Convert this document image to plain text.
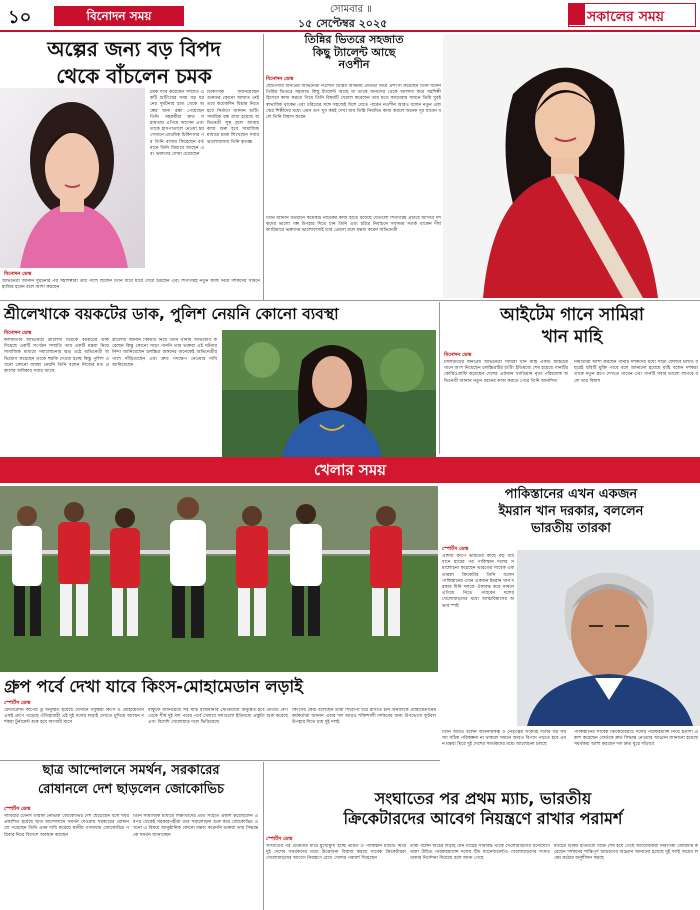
১০	বিনোদন সময়	সোমবার ॥
১৫ সেপ্টেম্বর ২০২৫	সকালের সময়
অল্পের জন্য বড় বিপদ
থেকে বাঁচলেন চমক
বিনোদন ডেস্ক
চমক দাবি করেছেন সম্প্রতি একটি শুটিংয়ের সময় বড় ধরনের দুর্ঘটনার হাত থেকে অল্পের জন্য রক্ষা পেয়েছেন তিনি সহকর্মীরা দ্রুত সহায়তায় এগিয়ে আসেন এবং তাকে হাসপাতালে নেওয়া হয় সেখানে প্রাথমিক চিকিৎসার পর তিনি বাসায় ফিরেছেন বর্তমানে তিনি বিশ্রামে আছেন এবং ভক্তদের দোয়া চেয়েছেন
চিকিৎসক জানিয়েছেন গুরুতর কোনো আঘাত নেই তবে কয়েকদিন বিশ্রাম নিতে হবে নির্মাতা জানান শুটিং সাময়িক বন্ধ রাখা হয়েছে অভিনেত্রী সুস্থ হলে আবার কাজ শুরু হবে সামাজিক মাধ্যমে চমক লিখেছেন সবার ভালোবাসায় তিনি কৃতজ্ঞ
অভিনেত্রী জানান দুর্ঘটনার পর সহশিল্পীরা তার পাশে ছিলেন তিনি ধীরে ধীরে সেরে উঠছেন এবং শিগগিরই নতুন কাজ নিয়ে দর্শকদের সামনে হাজির হবেন বলে আশা করছেন
তিন্নির ভিতরে সহজাত
কিছু ট্যালেন্ট আছে
নওশীন
বিনোদন ডেস্ক
ছোটপর্দার জনপ্রিয় অভিনেত্রী নওশীন তিন্নির অভিনয় প্রতিভা নিয়ে প্রশংসা করেছেন তিনি বলেন তিন্নির ভিতরে সহজাত কিছু ট্যালেন্ট আছে যা তাকে অন্যদের থেকে আলাদা করে সহশিল্পী হিসেবে কাজ করতে গিয়ে তিনি বিষয়টি খেয়াল করেছেন তার মতে ক্যামেরার সামনে তিন্নি খুবই স্বাভাবিক থাকেন এবং চরিত্রের সঙ্গে সহজেই মিশে যেতে পারেন নওশীন আরও বলেন নতুন প্রজন্মের শিল্পীদের মধ্যে এমন গুণ খুব কমই দেখা যায় তিন্নি নিয়মিত কাজ করলে অনেক দূর যাবেন বলে তিনি বিশ্বাস করেন
তিনি জানান বর্তমানে কয়েকটি নাটকের কাজ হাতে রয়েছে যেগুলো শিগগিরই প্রচারে আসবে দর্শকদের ভালো গল্প উপহার দিতে চান তিনি এবং চরিত্র নির্বাচনে সবসময় সতর্ক থাকেন দীর্ঘ ক্যারিয়ারে ভক্তদের ভালোবাসাই তার প্রেরণা বলে মন্তব্য করেন অভিনেত্রী
শ্রীলেখাকে বয়কটের ডাক, পুলিশ নেয়নি কোনো ব্যবস্থা
বিনোদন ডেস্ক
কলকাতার অভিনেত্রী শ্রীলেখা মিত্রকে বয়কটের ডাক দিয়েছে একটি সংগঠন সম্প্রতি তার একটি মন্তব্য নিয়ে সামাজিক মাধ্যমে সমালোচনার ঝড় ওঠে অভিনেত্রী অভিযোগ করেছেন তাকে হুমকি দেওয়া হচ্ছে কিন্তু পুলিশ এখনো কোনো ব্যবস্থা নেয়নি তিনি বলেন নিজের মত প্রকাশের অধিকার সবার আছে
শ্রীলেখা জানান বিষয়টি নিয়ে তিনি থানায় অভিযোগ করেছেন কিন্তু কোনো সাড়া পাননি তার ভক্তরা এই ঘটনার নিন্দা জানিয়েছেন চলচ্চিত্র অঙ্গনের অনেকেই অভিনেত্রীর পাশে দাঁড়িয়েছেন এবং দ্রুত পদক্ষেপ নেওয়ার দাবি জানিয়েছেন
আইটেম গানে সামিরা
খান মাহি
বিনোদন ডেস্ক
ঢালিউডের জনপ্রিয় অভিনেত্রী সামিরা খান মাহি একটি আইটেম গানে অংশ নিয়েছেন চলচ্চিত্রটির শুটিং ইতিমধ্যে শেষ হয়েছে গানটির কোরিওগ্রাফি করেছেন দেশের একজন খ্যাতিমান নৃত্য পরিচালক অভিনেত্রী জানান নতুন ধরনের কাজ করতে পেরে তিনি আনন্দিত
নির্মাতারা আশা করছেন গানটি দর্শকদের মধ্যে সাড়া ফেলবে চলতি বছরেই ছবিটি মুক্তি পাবে বলে জানানো হয়েছে মাহি বলেন দর্শকরা তাকে নতুন রূপে দেখতে পাবেন এবং গানটি সবার ভালো লাগবে বলে তার বিশ্বাস
খেলার সময়
পাকিস্তানের এখন একজন
ইমরান খান দরকার, বললেন
ভারতীয় তারকা
স্পোর্টস ডেস্ক
এশিয়া কাপে ভারতের কাছে বড় ব্যবধানে হারের পর পাকিস্তান দলের সমালোচনা করেছেন ভারতের সাবেক এক তারকা ক্রিকেটার তিনি বলেন পাকিস্তানের এখন একজন ইমরান খান দরকার যিনি দলকে ঐক্যবদ্ধ করে সামনে এগিয়ে নিতে পারবেন দলের খেলোয়াড়দের মধ্যে আত্মবিশ্বাসের অভাব স্পষ্ট
তিনি আরও বলেন অধিনায়কত্ব ও নেতৃত্বের সংকটই দলের বড় সমস্যা সঠিক পরিকল্পনা না থাকলে সামনে আরও বিপদে পড়তে হবে এমন মন্তব্য ঘিরে দুই দেশের সমর্থকদের মধ্যে আলোচনা চলছে
পাকিস্তানের সাবেক ক্রিকেটাররাও দলের পারফরম্যান্স নিয়ে হতাশা প্রকাশ করেছেন বোর্ডকে দ্রুত সিদ্ধান্ত নেওয়ার আহ্বান জানানো হয়েছে সমর্থকরা আশা করছেন দল দ্রুত ঘুরে দাঁড়াবে
গ্রুপ পর্বে দেখা যাবে কিংস-মোহামেডান লড়াই
স্পোর্টস ডেস্ক
ফেডারেশন কাপের ড্র অনুষ্ঠিত হয়েছে যেখানে বসুন্ধরা কিংস ও মোহামেডান একই গ্রুপে পড়েছে ঐতিহ্যবাহী এই দুই দলের লড়াই দেখতে মুখিয়ে আছেন দর্শকরা টুর্নামেন্ট শুরু হবে আগামী মাসে
বাফুফে জানিয়েছে সব ম্যাচ রাজধানীর স্টেডিয়ামে অনুষ্ঠিত হবে প্রতিটি গ্রুপ থেকে শীর্ষ দুই দল পরের পর্বে খেলবে দলগুলো ইতিমধ্যে প্রস্তুতি শুরু করেছে এবং বিদেশি খেলোয়াড় দলে ভিড়িয়েছে
কিংসের কোচ বলেছেন তারা শিরোপা ধরে রাখতে চান অন্যদিকে মোহামেডানের কর্মকর্তারা জানান এবার দল আরও শক্তিশালী দর্শকদের জন্য উপভোগ্য ফুটবল উপহার দিতে চায় দুই দলই
ছাত্র আন্দোলনে সমর্থন, সরকারের
রোষানলে দেশ ছাড়লেন জোকোভিচ
স্পোর্টস ডেস্ক
সার্বিয়ার টেনিস তারকা নোভাক জোকোভিচ দেশ ছেড়েছেন বলে খবর প্রকাশিত হয়েছে ছাত্র আন্দোলনে সমর্থন দেওয়ায় সরকারের রোষানলে পড়েছেন তিনি এমন দাবি করেছে স্থানীয় গণমাধ্যম জোকোভিচ পরিবার নিয়ে বিদেশে অবস্থান করছেন
তিনি সামাজিক মাধ্যমে শিক্ষার্থীদের প্রতি সংহতি প্রকাশ করেছিলেন এরপর থেকেই সরকারপন্থীরা তার সমালোচনা শুরু করে জোকোভিচ এখনো এ বিষয়ে আনুষ্ঠানিক কোনো মন্তব্য করেননি ভক্তরা তার সিদ্ধান্তকে সমর্থন জানাচ্ছেন
সংঘাতের পর প্রথম ম্যাচ, ভারতীয়
ক্রিকেটারদের আবেগ নিয়ন্ত্রণে রাখার পরামর্শ
স্পোর্টস ডেস্ক
সংঘাতের পর প্রথমবার মাঠে মুখোমুখি হচ্ছে ভারত ও পাকিস্তান ম্যাচটি ঘিরে দুই দেশের সমর্থকদের মধ্যে উত্তেজনা বিরাজ করছে সাবেক ক্রিকেটাররা খেলোয়াড়দের আবেগ নিয়ন্ত্রণে রেখে খেলার পরামর্শ দিয়েছেন
তারা বলেন মাঠের লড়াই যেন মাঠেই সীমাবদ্ধ থাকে খেলোয়াড়দের মনোযোগ থাকা উচিত পারফরম্যান্সে দলের টিম ম্যানেজমেন্টও খেলোয়াড়দের সংযত থাকার নির্দেশনা দিয়েছে বলে জানা গেছে
ম্যাচের টিকিট ইতিমধ্যে বিক্রি শেষ হয়ে গেছে আয়োজকরা নিরাপত্তা জোরদার করেছেন দর্শকদের শান্তিপূর্ণ আচরণের আহ্বান জানানো হয়েছে দুই দলই জয়ের লক্ষ্যে কঠোর অনুশীলন করছে
